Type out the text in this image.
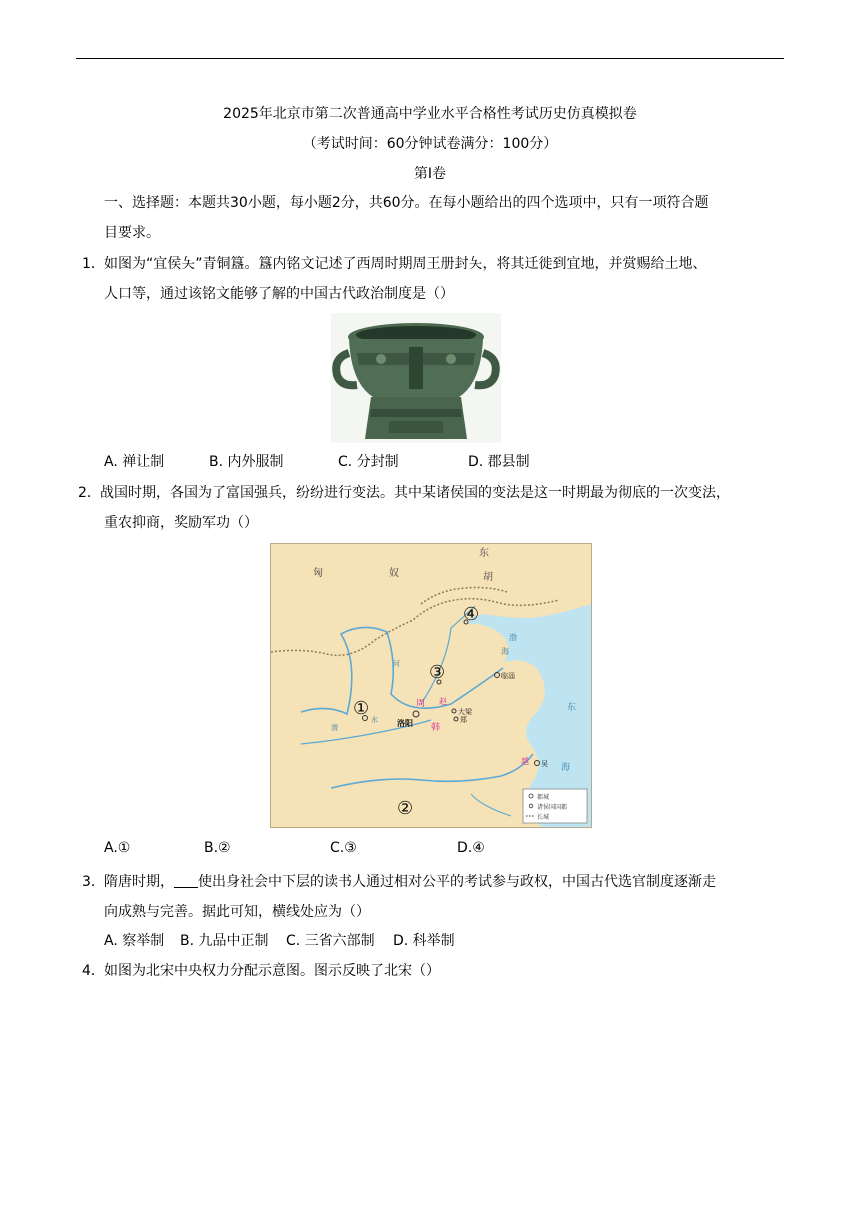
2025年北京市第二次普通高中学业水平合格性考试历史仿真模拟卷
（考试时间：60分钟试卷满分：100分）
第I卷
一、选择题：本题共30小题，每小题2分，共60分。在每小题给出的四个选项中，只有一项符合题
目要求。
1． 如图为“宜侯夨”青铜簋。簋内铭文记述了西周时期周王册封夨，将其迁徙到宜地，并赏赐给土地、
人口等，通过该铭文能够了解的中国古代政治制度是（）
A. 禅让制	B. 内外服制	C. 分封制	D. 郡县制
2． 战国时期，各国为了富国强兵，纷纷进行变法。其中某诸侯国的变法是这一时期最为彻底的一次变法，
重农抑商，奖励军功（）
匈	奴
东
胡
渤
海
东
海
渭
水
河
①
②
③
④
洛阳
临淄
大梁
郑
吴
周
韩
赵
越
都城
诸侯国国都
长城
A.①	B.②	C.③	D.④
3． 隋唐时期， 使出身社会中下层的读书人通过相对公平的考试参与政权，中国古代选官制度逐渐走
向成熟与完善。据此可知，横线处应为（）
A. 察举制 B. 九品中正制 C. 三省六部制 D. 科举制
4． 如图为北宋中央权力分配示意图。图示反映了北宋（）
